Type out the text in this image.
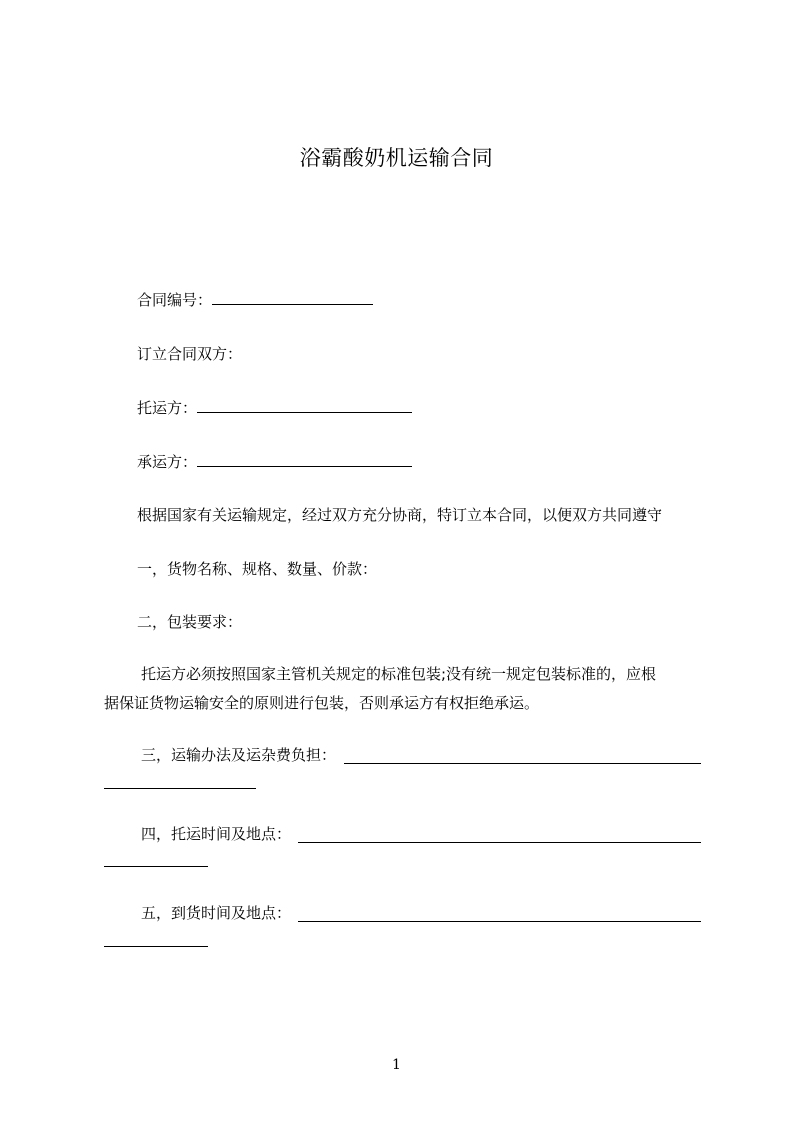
浴霸酸奶机运输合同
合同编号：
订立合同双方：
托运方：
承运方：
根据国家有关运输规定，经过双方充分协商，特订立本合同，以便双方共同遵守
一，货物名称、规格、数量、价款：
二，包装要求：
托运方必须按照国家主管机关规定的标准包装;没有统一规定包装标准的，应根
据保证货物运输安全的原则进行包装，否则承运方有权拒绝承运。
三，运输办法及运杂费负担：
四，托运时间及地点：
五，到货时间及地点：
1
